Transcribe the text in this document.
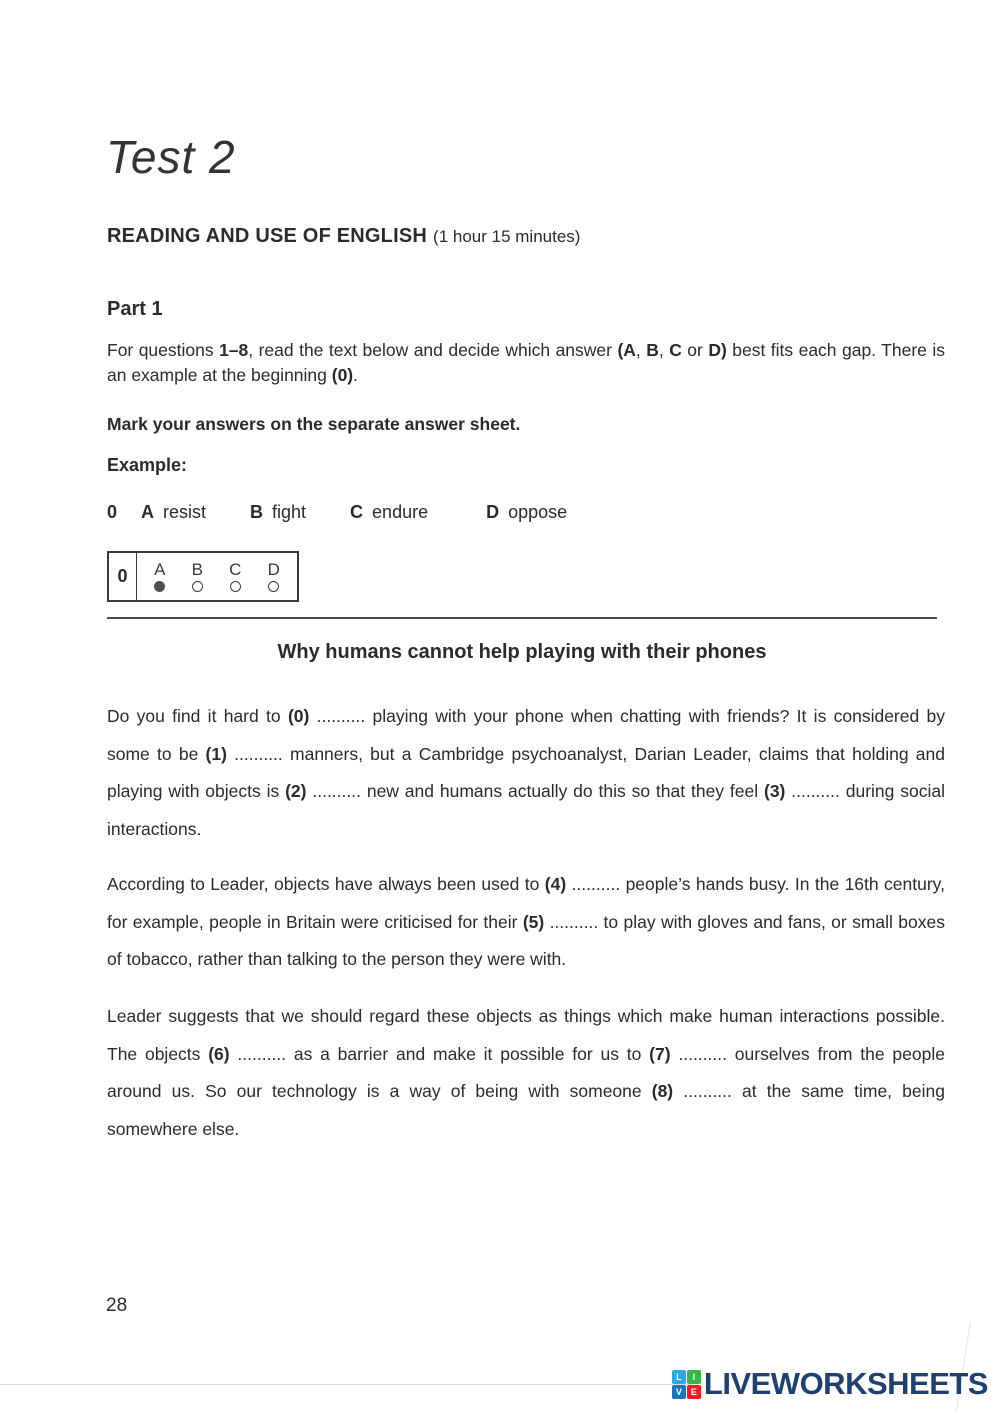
Test 2
READING AND USE OF ENGLISH (1 hour 15 minutes)
Part 1
For questions 1–8, read the text below and decide which answer (A, B, C or D) best fits each gap. There is an example at the beginning (0).
Mark your answers on the separate answer sheet.
Example:
0	A resist B fight C endure	D oppose
0	A B C D
Why humans cannot help playing with their phones

Do you find it hard to (0) .......... playing with your phone when chatting with friends? It is considered by some to be (1) .......... manners, but a Cambridge psychoanalyst, Darian Leader, claims that holding and playing with objects is (2) .......... new and humans actually do this so that they feel (3) .......... during social interactions.

According to Leader, objects have always been used to (4) .......... people’s hands busy. In the 16th century, for example, people in Britain were criticised for their (5) .......... to play with gloves and fans, or small boxes of tobacco, rather than talking to the person they were with.

Leader suggests that we should regard these objects as things which make human interactions possible. The objects (6) .......... as a barrier and make it possible for us to (7) .......... ourselves from the people around us. So our technology is a way of being with someone (8) .......... at the same time, being somewhere else.

28
L	I
V E LIVEWORKSHEETS
